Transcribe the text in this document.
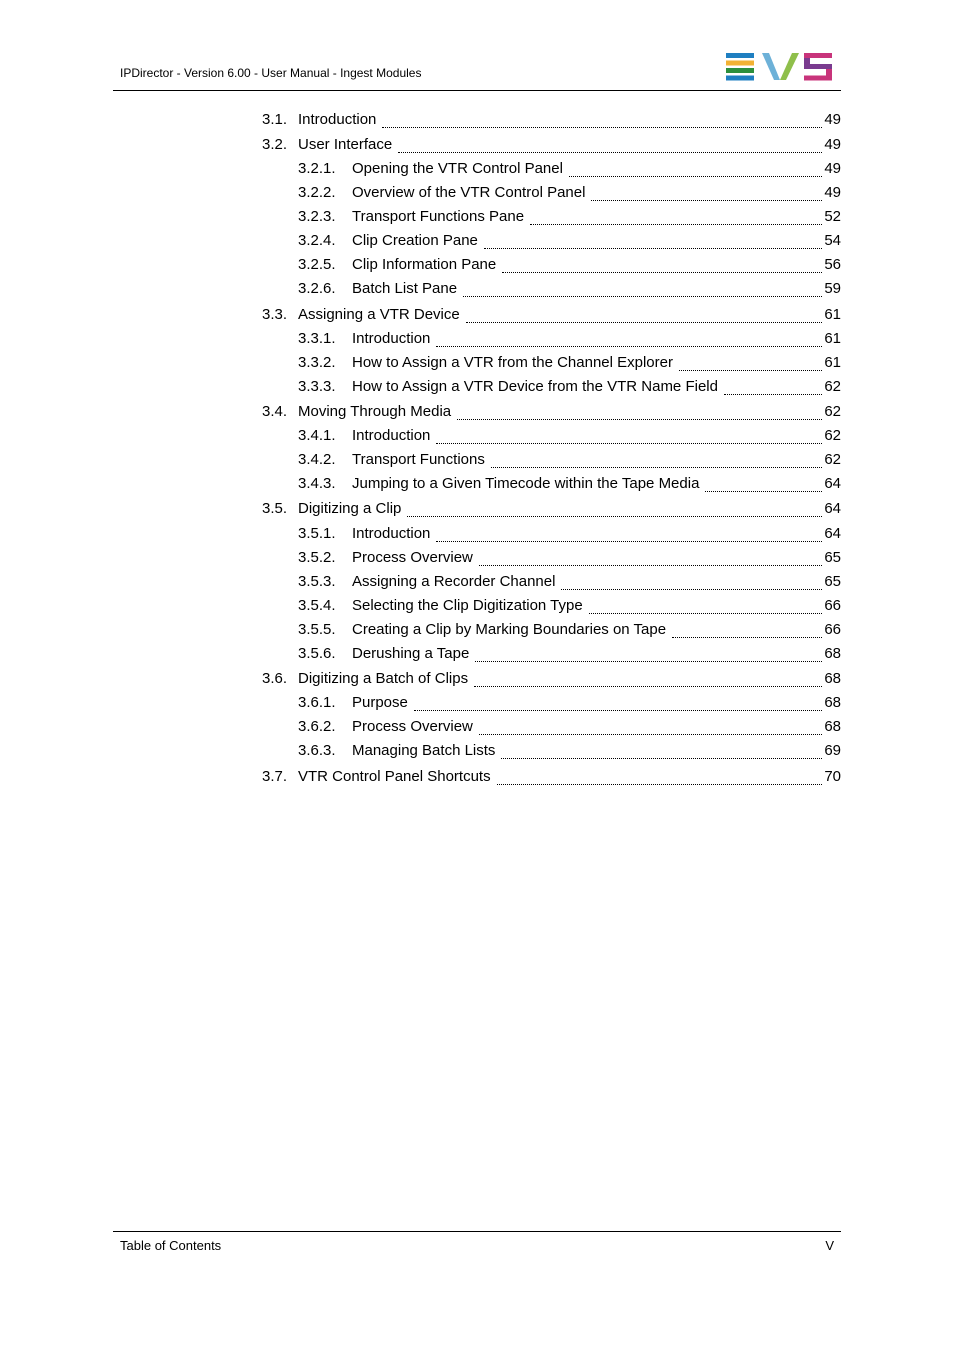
IPDirector - Version 6.00 - User Manual - Ingest Modules
3.1. Introduction	49
3.2. User Interface	49
3.2.1. Opening the VTR Control Panel	49
3.2.2. Overview of the VTR Control Panel	49
3.2.3. Transport Functions Pane	52
3.2.4. Clip Creation Pane	54
3.2.5. Clip Information Pane	56
3.2.6. Batch List Pane	59
3.3. Assigning a VTR Device	61
3.3.1. Introduction	61
3.3.2. How to Assign a VTR from the Channel Explorer	61
3.3.3. How to Assign a VTR Device from the VTR Name Field	62
3.4. Moving Through Media	62
3.4.1. Introduction	62
3.4.2. Transport Functions	62
3.4.3. Jumping to a Given Timecode within the Tape Media	64
3.5. Digitizing a Clip	64
3.5.1. Introduction	64
3.5.2. Process Overview	65
3.5.3. Assigning a Recorder Channel	65
3.5.4. Selecting the Clip Digitization Type	66
3.5.5. Creating a Clip by Marking Boundaries on Tape	66
3.5.6. Derushing a Tape	68
3.6. Digitizing a Batch of Clips	68
3.6.1. Purpose	68
3.6.2. Process Overview	68
3.6.3. Managing Batch Lists	69
3.7. VTR Control Panel Shortcuts	70
Table of Contents	V
